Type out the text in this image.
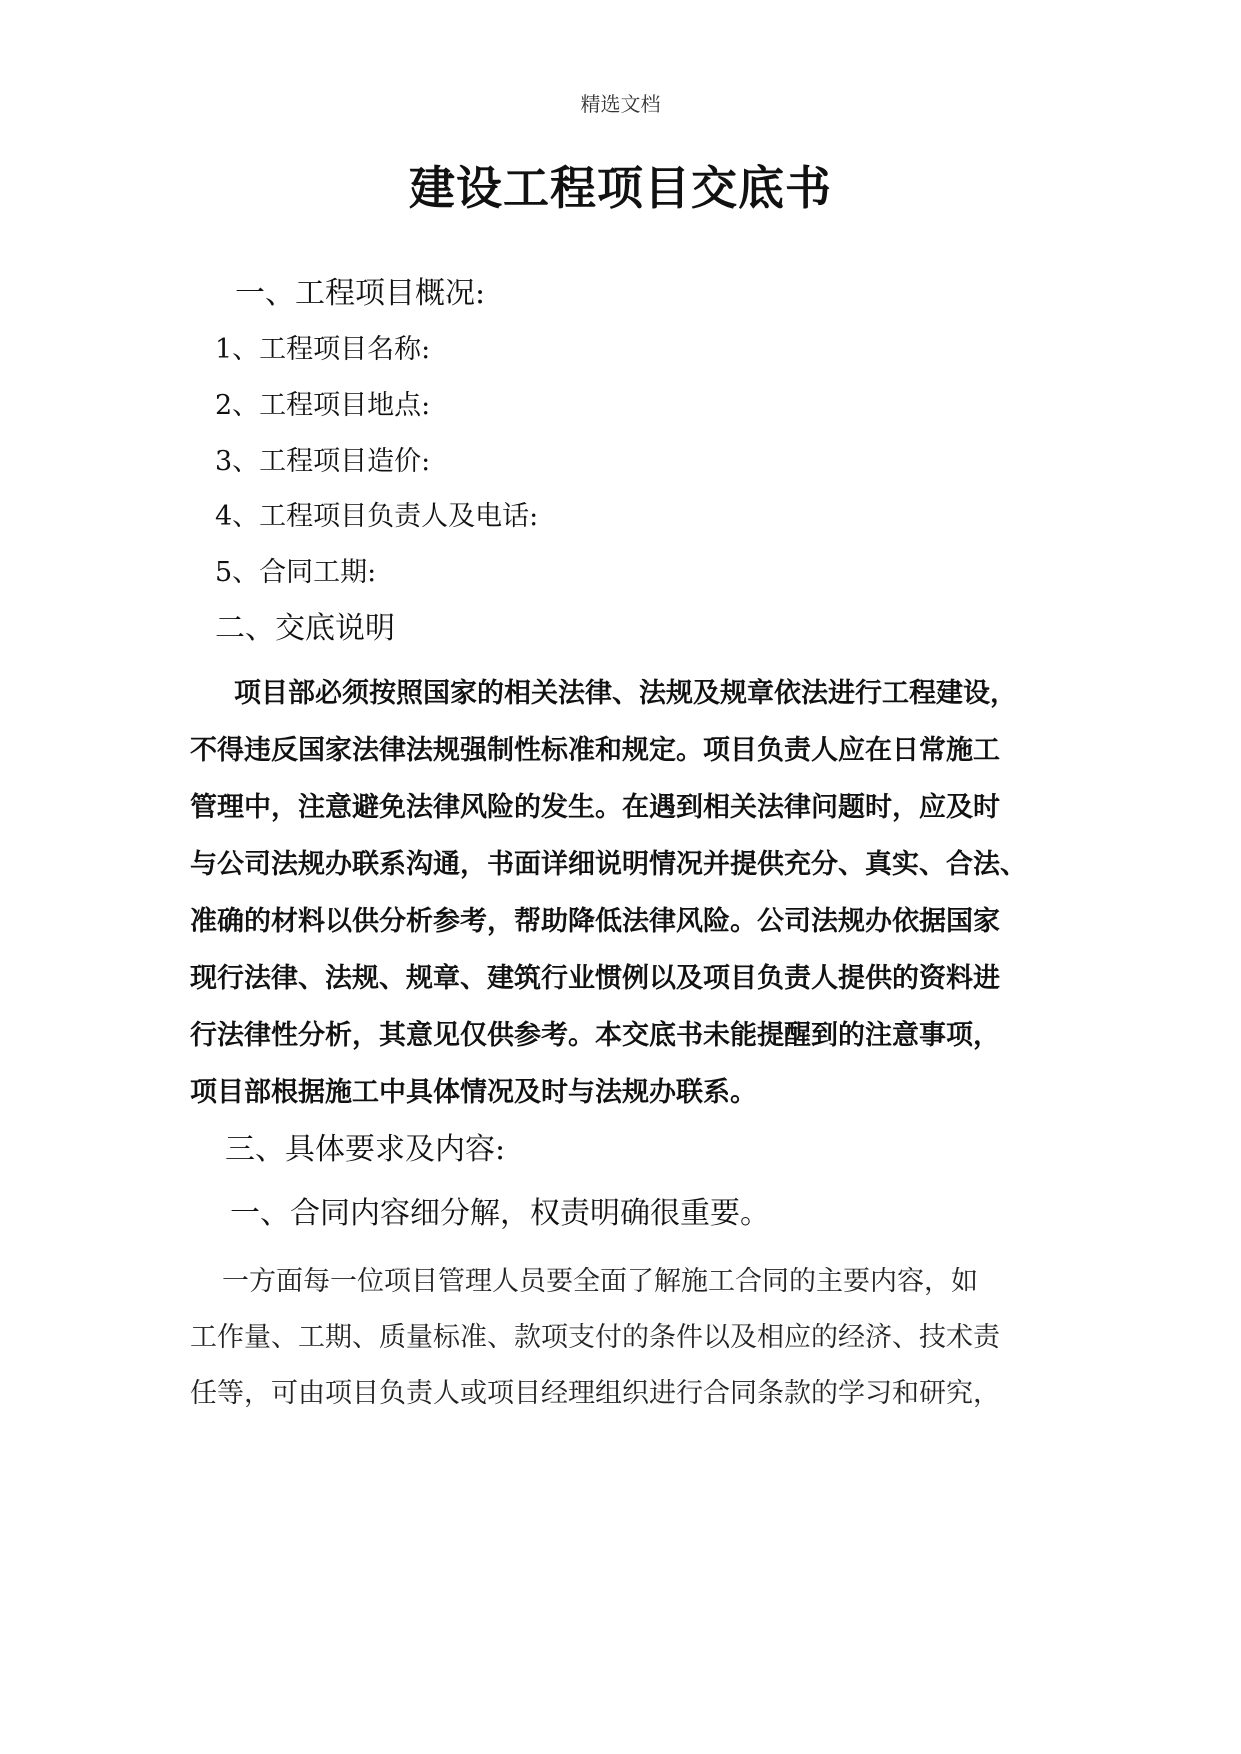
精选文档
建设工程项目交底书
一、工程项目概况:
1、工程项目名称:
2、工程项目地点:
3、工程项目造价:
4、工程项目负责人及电话:
5、合同工期:
二、交底说明
项目部必须按照国家的相关法律、法规及规章依法进行工程建设，
不得违反国家法律法规强制性标准和规定。项目负责人应在日常施工
管理中，注意避免法律风险的发生。在遇到相关法律问题时，应及时
与公司法规办联系沟通，书面详细说明情况并提供充分、真实、合法、
准确的材料以供分析参考，帮助降低法律风险。公司法规办依据国家
现行法律、法规、规章、建筑行业惯例以及项目负责人提供的资料进
行法律性分析，其意见仅供参考。本交底书未能提醒到的注意事项，
项目部根据施工中具体情况及时与法规办联系。
三、具体要求及内容:
一、合同内容细分解，权责明确很重要。
一方面每一位项目管理人员要全面了解施工合同的主要内容，如
工作量、工期、质量标准、款项支付的条件以及相应的经济、技术责
任等，可由项目负责人或项目经理组织进行合同条款的学习和研究，
